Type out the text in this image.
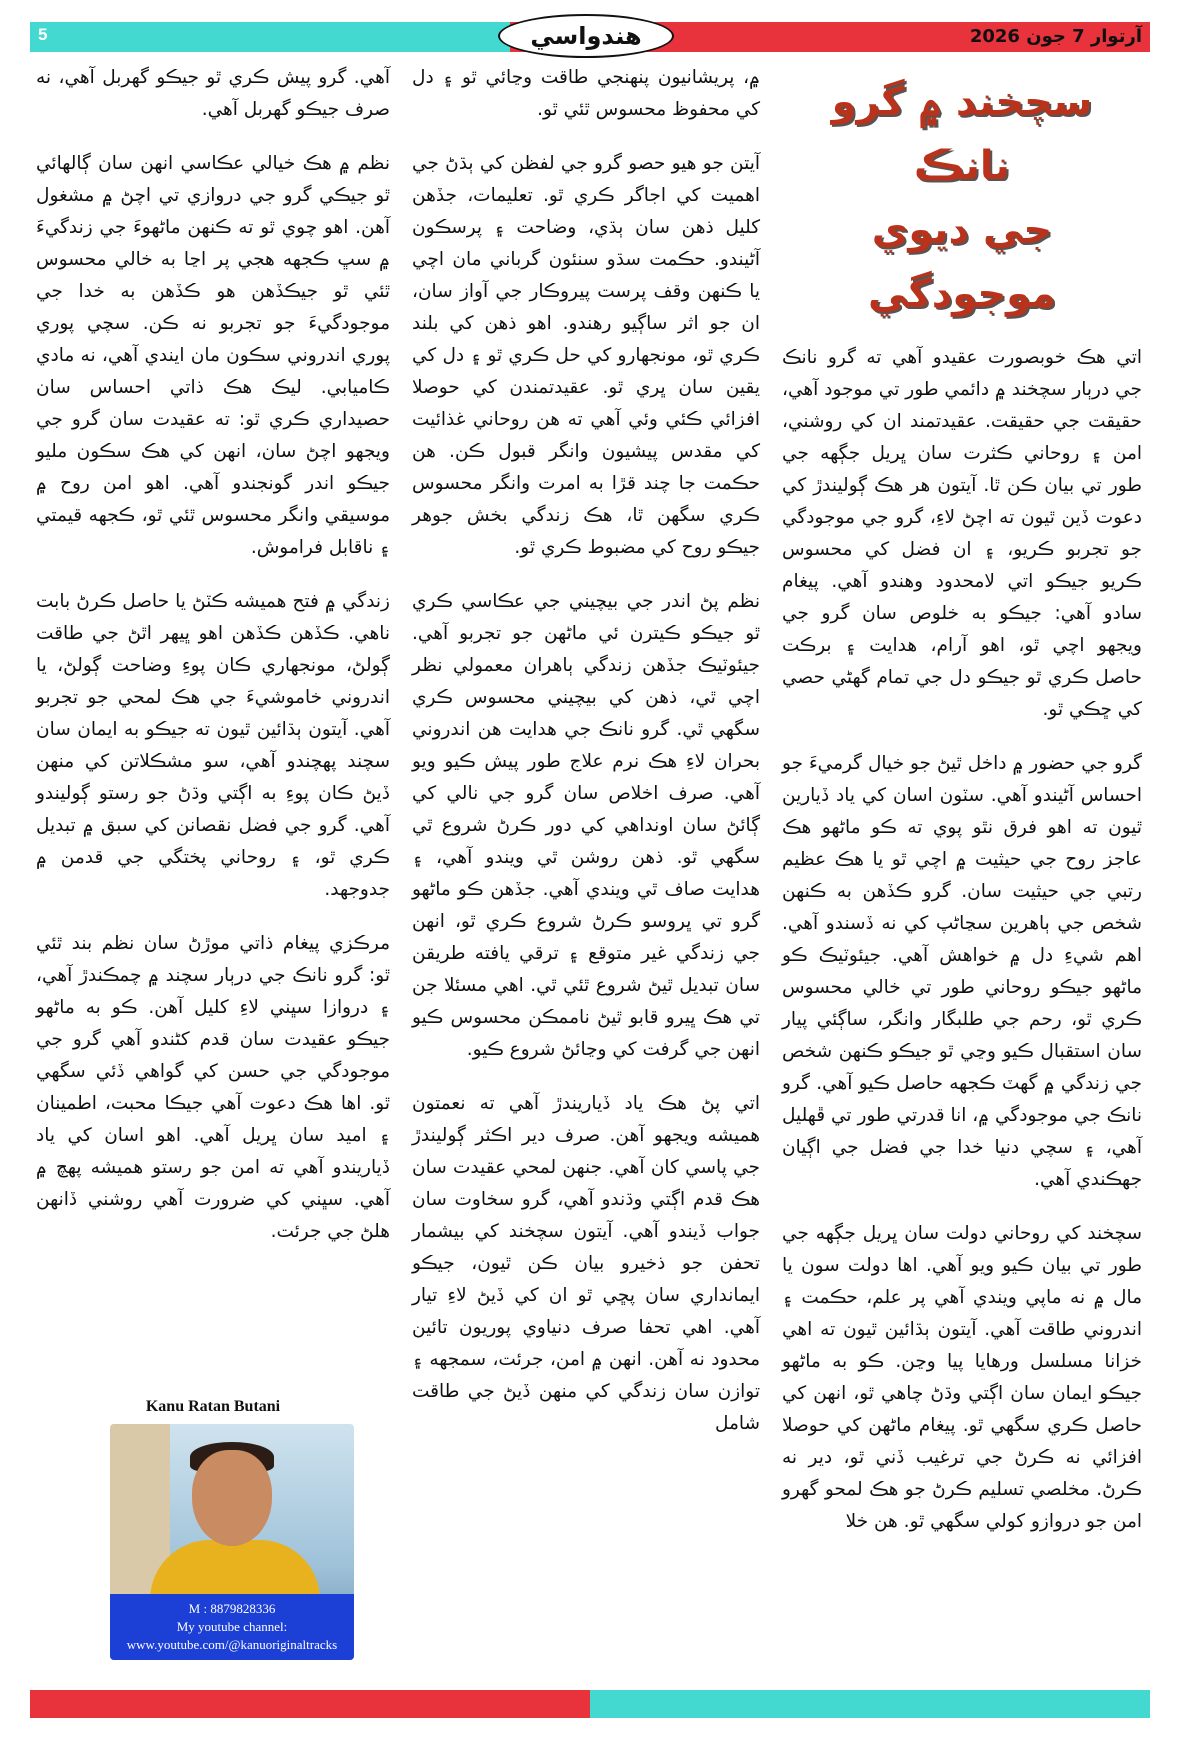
5	آرتوار 7 جون 2026
هندواسي
سچخند ۾ گرو نانڪ
جي ديوي موجودگي

اتي هڪ خوبصورت عقيدو آهي ته گرو نانڪ جي درٻار سچخند ۾ دائمي طور تي موجود آهي، حقيقت جي حقيقت. عقيدتمند ان کي روشني، امن ۽ روحاني ڪثرت سان ڀريل جڳهه جي طور تي بيان ڪن ٿا. آيتون هر هڪ ڳوليندڙ کي دعوت ڏين ٿيون ته اچڻ لاءِ، گرو جي موجودگي جو تجربو ڪريو، ۽ ان فضل کي محسوس ڪريو جيڪو اتي لامحدود وهندو آهي. پيغام سادو آهي: جيڪو به خلوص سان گرو جي ويجهو اچي ٿو، اهو آرام، هدايت ۽ برڪت حاصل ڪري ٿو جيڪو دل جي تمام گهڻي حصي کي ڇڪي ٿو.

گرو جي حضور ۾ داخل ٿيڻ جو خيال گرميءَ جو احساس آڻيندو آهي. سٽون اسان کي ياد ڏيارين ٿيون ته اهو فرق نٿو پوي ته ڪو ماڻهو هڪ عاجز روح جي حيثيت ۾ اچي ٿو يا هڪ عظيم رتبي جي حيثيت سان. گرو ڪڏهن به ڪنهن شخص جي ٻاهرين سڃاڻپ کي نه ڏسندو آهي. اهم شيءِ دل ۾ خواهش آهي. جيئوٽيڪ ڪو ماڻهو جيڪو روحاني طور تي خالي محسوس ڪري ٿو، رحم جي طلبگار وانگر، ساڳئي پيار سان استقبال ڪيو وڃي ٿو جيڪو ڪنهن شخص جي زندگي ۾ گهٽ ڪجهه حاصل ڪيو آهي. گرو نانڪ جي موجودگي ۾، انا قدرتي طور تي ڦهليل آهي، ۽ سچي دنيا خدا جي فضل جي اڳيان جهڪندي آهي.

سچخند کي روحاني دولت سان ڀريل جڳهه جي طور تي بيان ڪيو ويو آهي. اها دولت سون يا مال ۾ نه ماپي ويندي آهي پر علم، حڪمت ۽ اندروني طاقت آهي. آيتون ٻڌائين ٿيون ته اهي خزانا مسلسل ورهايا پيا وڃن. ڪو به ماڻهو جيڪو ايمان سان اڳتي وڌڻ چاهي ٿو، انهن کي حاصل ڪري سگهي ٿو. پيغام ماڻهن کي حوصلا افزائي نه ڪرڻ جي ترغيب ڏني ٿو، دير نه ڪرڻ. مخلصي تسليم ڪرڻ جو هڪ لمحو گهرو امن جو دروازو کولي سگهي ٿو. هن خلا

۾، پريشانيون پنهنجي طاقت وڃائي ٿو ۽ دل کي محفوظ محسوس ٿئي ٿو.

آيتن جو هيو حصو گرو جي لفظن کي ٻڌڻ جي اهميت کي اجاگر ڪري ٿو. تعليمات، جڏهن کليل ذهن سان ٻڌي، وضاحت ۽ پرسڪون آڻيندو. حڪمت سڌو سنئون گرباني مان اچي يا ڪنهن وقف پرست پيروڪار جي آواز سان، ان جو اثر ساڳيو رهندو. اهو ذهن کي بلند ڪري ٿو، مونجهارو کي حل ڪري ٿو ۽ دل کي يقين سان ڀري ٿو. عقيدتمندن کي حوصلا افزائي ڪئي وئي آهي ته هن روحاني غذائيت کي مقدس پيشيون وانگر قبول ڪن. هن حڪمت جا چند قڙا به امرت وانگر محسوس ڪري سگهن ٿا، هڪ زندگي بخش جوهر جيڪو روح کي مضبوط ڪري ٿو.

نظم پڻ اندر جي بيچيني جي عڪاسي ڪري ٿو جيڪو ڪيترن ئي ماڻهن جو تجربو آهي. جيئوٽيڪ جڏهن زندگي ٻاهران معمولي نظر اچي ٿي، ذهن کي بيچيني محسوس ڪري سگهي ٿي. گرو نانڪ جي هدايت هن اندروني بحران لاءِ هڪ نرم علاج طور پيش ڪيو ويو آهي. صرف اخلاص سان گرو جي نالي کي ڳائڻ سان اونداهي کي دور ڪرڻ شروع ٿي سگهي ٿو. ذهن روشن ٿي ويندو آهي، ۽ هدايت صاف ٿي ويندي آهي. جڏهن ڪو ماڻهو گرو تي ڀروسو ڪرڻ شروع ڪري ٿو، انهن جي زندگي غير متوقع ۽ ترقي يافته طريقن سان تبديل ٿيڻ شروع ٿئي ٿي. اهي مسئلا جن تي هڪ ڀيرو قابو ٿيڻ ناممڪن محسوس ڪيو انهن جي گرفت کي وڃائڻ شروع ڪيو.

اتي پڻ هڪ ياد ڏياريندڙ آهي ته نعمتون هميشه ويجهو آهن. صرف دير اڪثر ڳوليندڙ جي پاسي کان آهي. جنهن لمحي عقيدت سان هڪ قدم اڳتي وڌندو آهي، گرو سخاوت سان جواب ڏيندو آهي. آيتون سچخند کي بيشمار تحفن جو ذخيرو بيان ڪن ٿيون، جيڪو ايمانداري سان پڇي ٿو ان کي ڏيڻ لاءِ تيار آهي. اهي تحفا صرف دنياوي پوريون تائين محدود نه آهن. انهن ۾ امن، جرئت، سمجهه ۽ توازن سان زندگي کي منهن ڏيڻ جي طاقت شامل

آهي. گرو پيش ڪري ٿو جيڪو گهربل آهي، نه صرف جيڪو گهربل آهي.

نظم ۾ هڪ خيالي عڪاسي انهن سان ڳالهائي ٿو جيڪي گرو جي دروازي تي اچڻ ۾ مشغول آهن. اهو چوي ٿو ته ڪنهن ماڻهوءَ جي زندگيءَ ۾ سڀ ڪجهه هجي پر اڃا به خالي محسوس ٿئي ٿو جيڪڏهن هو ڪڏهن به خدا جي موجودگيءَ جو تجربو نه ڪن. سچي پوري پوري اندروني سڪون مان ايندي آهي، نه مادي ڪاميابي. ليڪ هڪ ذاتي احساس سان حصيداري ڪري ٿو: ته عقيدت سان گرو جي ويجهو اچڻ سان، انهن کي هڪ سڪون مليو جيڪو اندر گونجندو آهي. اهو امن روح ۾ موسيقي وانگر محسوس ٿئي ٿو، ڪجهه قيمتي ۽ ناقابل فراموش.

زندگي ۾ فتح هميشه ڪٽڻ يا حاصل ڪرڻ بابت ناهي. ڪڏهن ڪڏهن اهو ڀيهر اٿڻ جي طاقت ڳولڻ، مونجهاري ڪان پوءِ وضاحت ڳولڻ، يا اندروني خاموشيءَ جي هڪ لمحي جو تجربو آهي. آيتون ٻڌائين ٿيون ته جيڪو به ايمان سان سچند پهچندو آهي، سو مشڪلاتن کي منهن ڏيڻ ڪان پوءِ به اڳتي وڌڻ جو رستو ڳوليندو آهي. گرو جي فضل نقصانن کي سبق ۾ تبديل ڪري ٿو، ۽ روحاني پختگي جي قدمن ۾ جدوجهد.

مرڪزي پيغام ذاتي موڙڻ سان نظم بند ٿئي ٿو: گرو نانڪ جي درٻار سچند ۾ چمڪندڙ آهي، ۽ دروازا سڀني لاءِ کليل آهن. ڪو به ماڻهو جيڪو عقيدت سان قدم کڻندو آهي گرو جي موجودگي جي حسن کي گواهي ڏئي سگهي ٿو. اها هڪ دعوت آهي جيڪا محبت، اطمينان ۽ اميد سان ڀريل آهي. اهو اسان کي ياد ڏياريندو آهي ته امن جو رستو هميشه پهچ ۾ آهي. سڀني کي ضرورت آهي روشني ڏانهن هلڻ جي جرئت.

Kanu Ratan Butani
M : 8879828336
My youtube channel:
www.youtube.com/@kanuoriginaltracks
